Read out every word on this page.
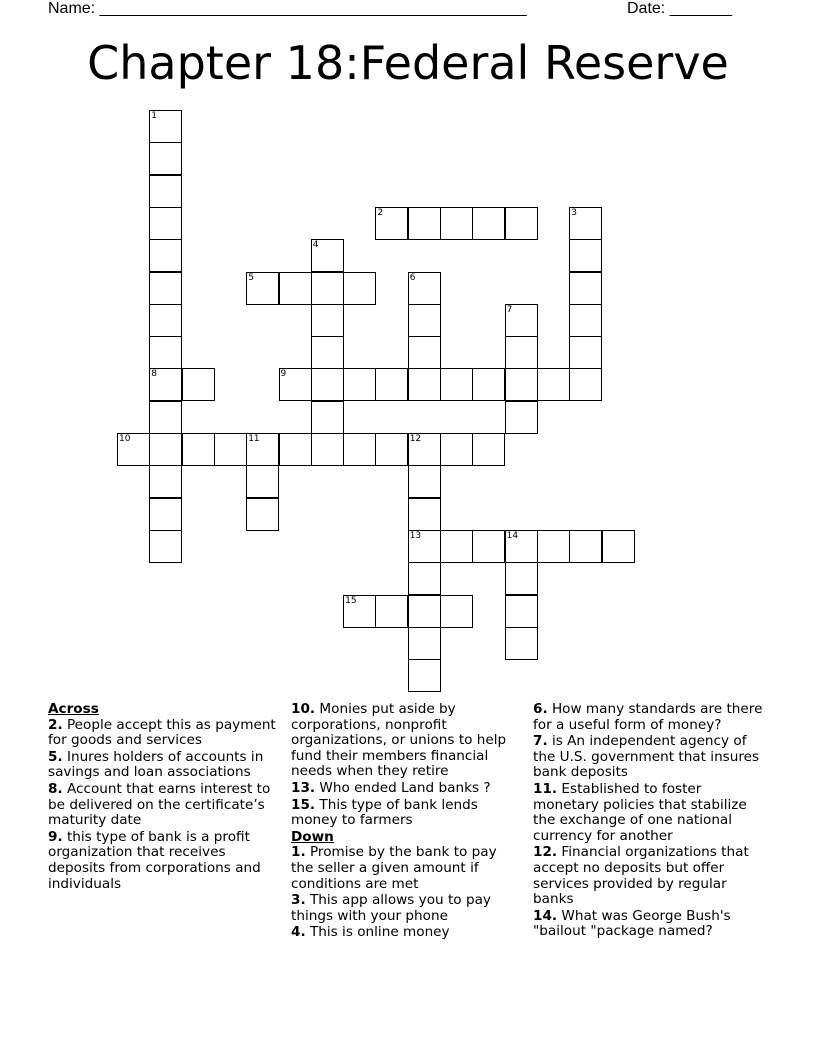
Name: ________________________________________________	Date: _______
Chapter 18:Federal Reserve
1
2	3
4
5	6
7
8	9
10	11	12
13	14
15

Across

2. People accept this as payment for goods and services

5. Inures holders of accounts in savings and loan associations

8. Account that earns interest to be delivered on the certificate’s maturity date

9. this type of bank is a profit organization that receives deposits from corporations and individuals

10. Monies put aside by corporations, nonprofit organizations, or unions to help fund their members financial needs when they retire

13. Who ended Land banks ?

15. This type of bank lends money to farmers

Down

1. Promise by the bank to pay the seller a given amount if conditions are met

3. This app allows you to pay things with your phone

4. This is online money

6. How many standards are there for a useful form of money?

7. is An independent agency of the U.S. government that insures bank deposits

11. Established to foster monetary policies that stabilize the exchange of one national currency for another

12. Financial organizations that accept no deposits but offer services provided by regular banks

14. What was George Bush's "bailout "package named?
